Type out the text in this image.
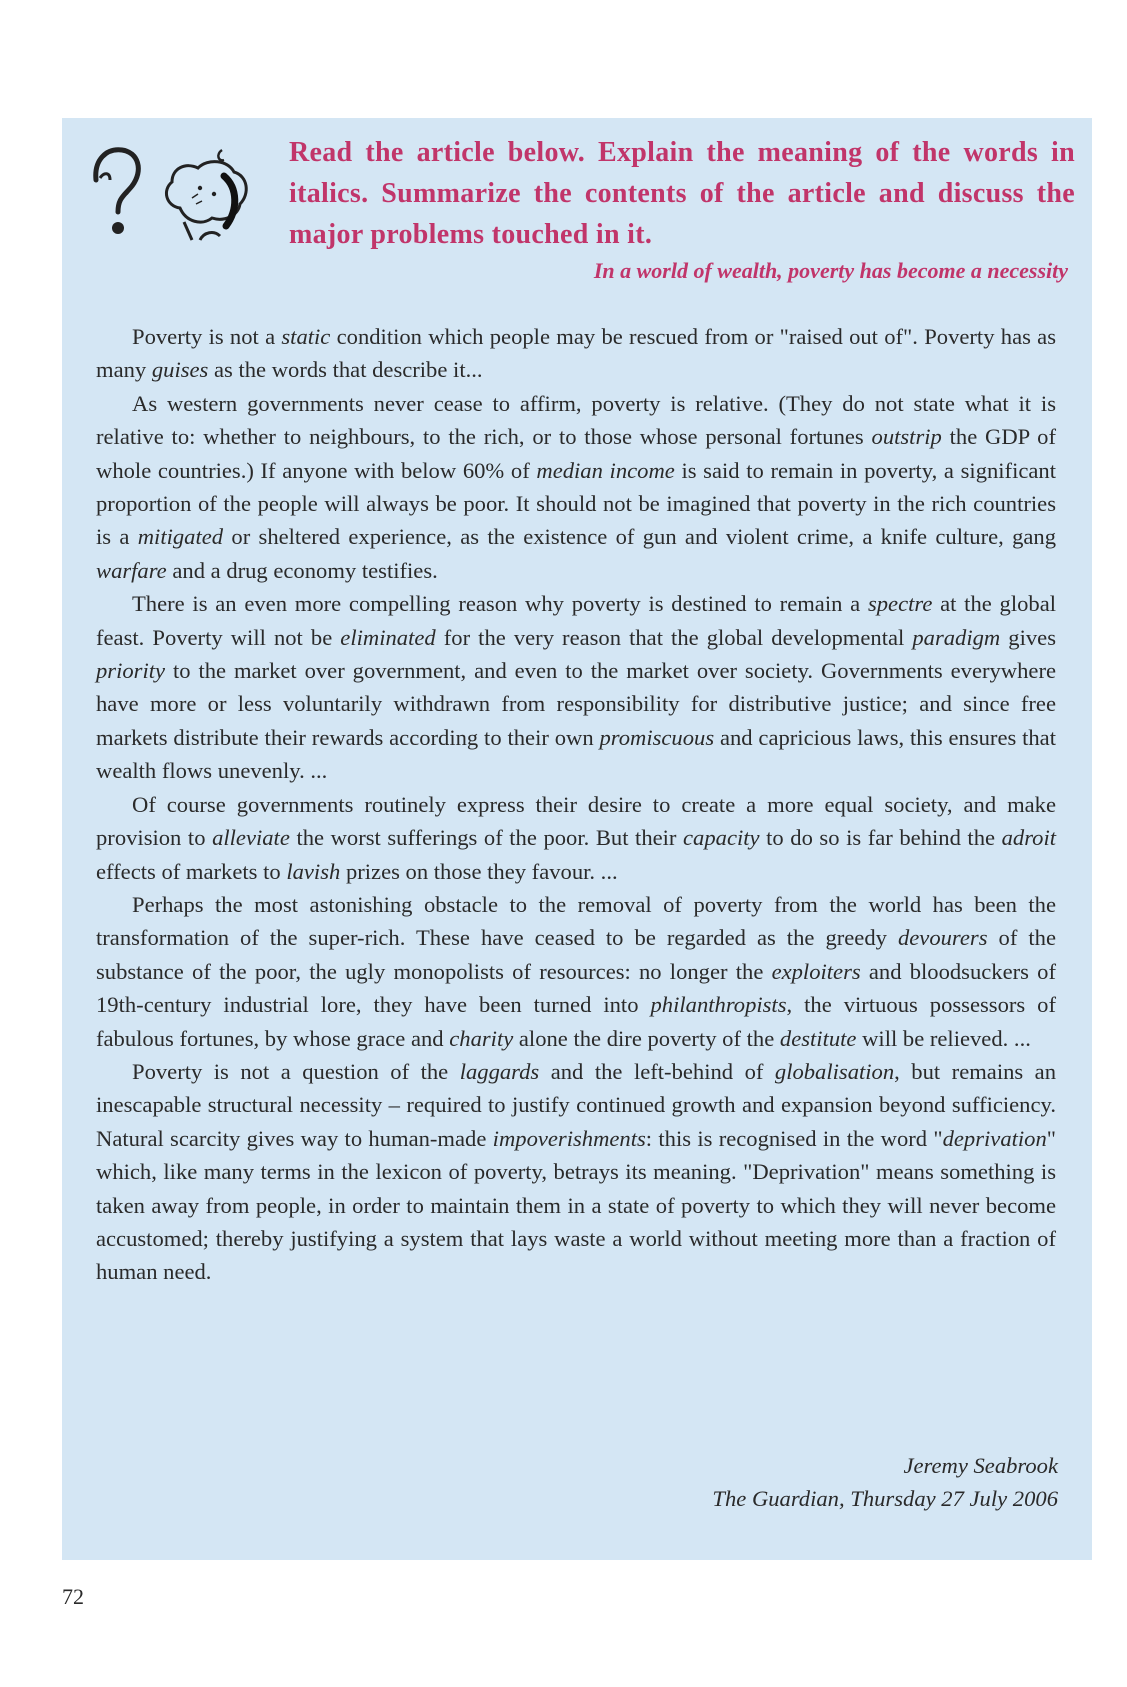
Read the article below. Explain the meaning of the words in italics. Summarize the contents of the article and discuss the major problems touched in it.
In a world of wealth, poverty has become a necessity

Poverty is not a static condition which people may be rescued from or "raised out of". Poverty has as many guises as the words that describe it...

As western governments never cease to affirm, poverty is relative. (They do not state what it is relative to: whether to neighbours, to the rich, or to those whose personal fortunes outstrip the GDP of whole countries.) If anyone with below 60% of median income is said to remain in poverty, a significant proportion of the people will always be poor. It should not be imagined that poverty in the rich countries is a mitigated or sheltered experience, as the existence of gun and violent crime, a knife culture, gang warfare and a drug economy testifies.

There is an even more compelling reason why poverty is destined to remain a spectre at the global feast. Poverty will not be eliminated for the very reason that the global developmental paradigm gives priority to the market over government, and even to the market over society. Governments everywhere have more or less voluntarily withdrawn from responsibility for distributive justice; and since free markets distribute their rewards according to their own promiscuous and capricious laws, this ensures that wealth flows unevenly. ...

Of course governments routinely express their desire to create a more equal society, and make provision to alleviate the worst sufferings of the poor. But their capacity to do so is far behind the adroit effects of markets to lavish prizes on those they favour. ...

Perhaps the most astonishing obstacle to the removal of poverty from the world has been the transformation of the super-rich. These have ceased to be regarded as the greedy devourers of the substance of the poor, the ugly monopolists of resources: no longer the exploiters and bloodsuckers of 19th-century industrial lore, they have been turned into philanthropists, the virtuous possessors of fabulous fortunes, by whose grace and charity alone the dire poverty of the destitute will be relieved. ...

Poverty is not a question of the laggards and the left-behind of globalisation, but remains an inescapable structural necessity – required to justify continued growth and expansion beyond sufficiency. Natural scarcity gives way to human-made impoverishments: this is recognised in the word "deprivation" which, like many terms in the lexicon of poverty, betrays its meaning. "Deprivation" means something is taken away from people, in order to maintain them in a state of poverty to which they will never become accustomed; thereby justifying a system that lays waste a world without meeting more than a fraction of human need.

Jeremy Seabrook
The Guardian, Thursday 27 July 2006
72
